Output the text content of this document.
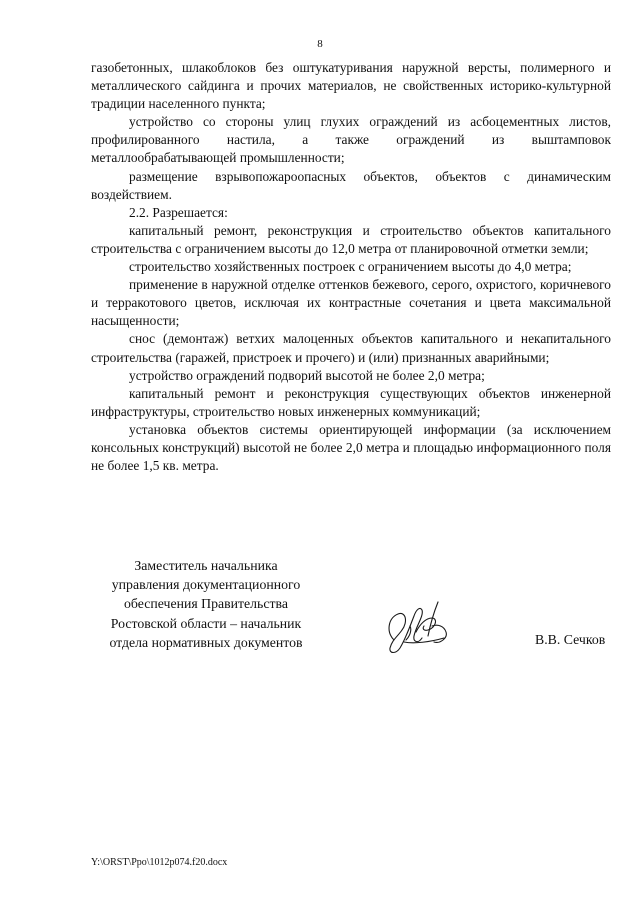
8

газобетонных, шлакоблоков без оштукатуривания наружной версты, полимерного и металлического сайдинга и прочих материалов, не свойственных историко-культурной традиции населенного пункта;

устройство со стороны улиц глухих ограждений из асбоцементных листов, профилированного настила, а также ограждений из выштамповок металлообрабатывающей промышленности;

размещение взрывопожароопасных объектов, объектов с динамическим воздействием.

2.2. Разрешается:

капитальный ремонт, реконструкция и строительство объектов капитального строительства с ограничением высоты до 12,0 метра от планировочной отметки земли;

строительство хозяйственных построек с ограничением высоты до 4,0 метра;

применение в наружной отделке оттенков бежевого, серого, охристого, коричневого и терракотового цветов, исключая их контрастные сочетания и цвета максимальной насыщенности;

снос (демонтаж) ветхих малоценных объектов капитального и некапитального строительства (гаражей, пристроек и прочего) и (или) признанных аварийными;

устройство ограждений подворий высотой не более 2,0 метра;

капитальный ремонт и реконструкция существующих объектов инженерной инфраструктуры, строительство новых инженерных коммуникаций;

установка объектов системы ориентирующей информации (за исключением консольных конструкций) высотой не более 2,0 метра и площадью информационного поля не более 1,5 кв. метра.

Заместитель начальника
управления документационного
обеспечения Правительства
Ростовской области – начальник
отдела нормативных документов	В.В. Сечков
Y:\ORST\Ppo\1012p074.f20.docx
